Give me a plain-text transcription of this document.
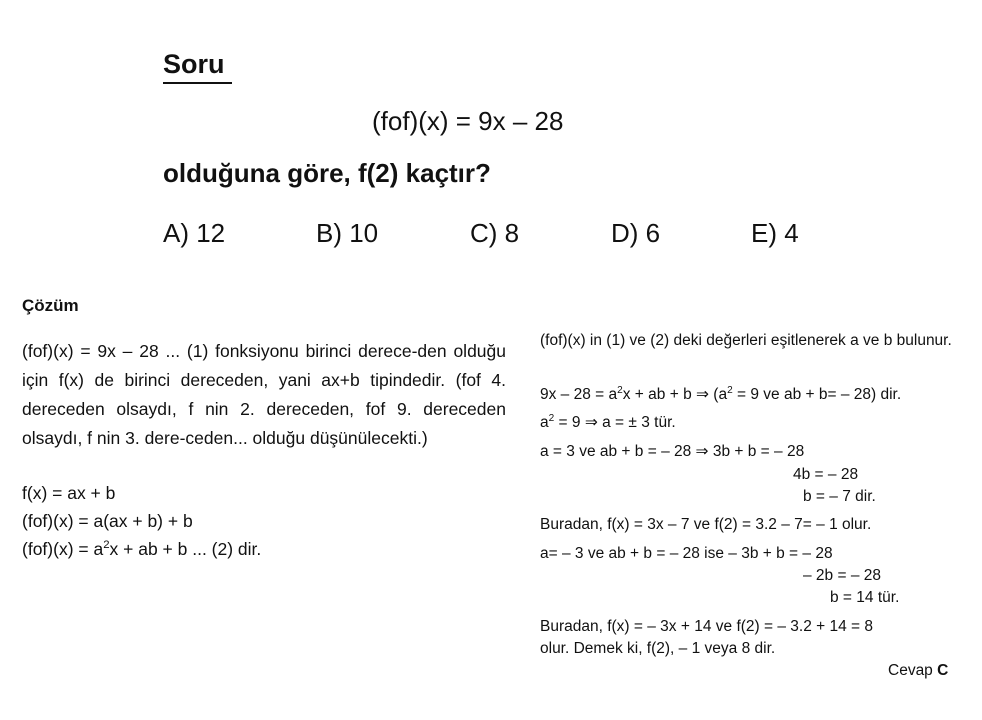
Soru
(fof)(x) = 9x – 28
olduğuna göre, f(2) kaçtır?
A) 12	B) 10	C) 8	D) 6	E) 4
Çözüm
(fof)(x) = 9x – 28 ... (1) fonksiyonu birinci derece-den olduğu için f(x) de birinci dereceden, yani ax+b tipindedir. (fof 4. dereceden olsaydı, f nin 2. dereceden, fof 9. dereceden olsaydı, f nin 3. dere-ceden... olduğu düşünülecekti.)
f(x) = ax + b
(fof)(x) = a(ax + b) + b
$(fof)(x) = a^2x$ + ab + b ... (2) dir.
(fof)(x) in (1) ve (2) deki değerleri eşitlenerek a ve b bulunur.
$9x - 28 = a^2x$ + ab + b ⇒ ($a^2 = 9$ ve ab + b= – 28) dir.
$a^2 = 9$ ⇒ a = ± 3 tür.
a = 3 ve ab + b = – 28 ⇒ 3b + b = – 28
4b = – 28
b = – 7 dir.
Buradan, f(x) = 3x – 7 ve f(2) = 3.2 – 7= – 1 olur.
a= – 3 ve ab + b = – 28 ise – 3b + b = – 28
– 2b = – 28
b = 14 tür.
Buradan, f(x) = – 3x + 14 ve f(2) = – 3.2 + 14 = 8
olur. Demek ki, f(2), – 1 veya 8 dir.
Cevap C
